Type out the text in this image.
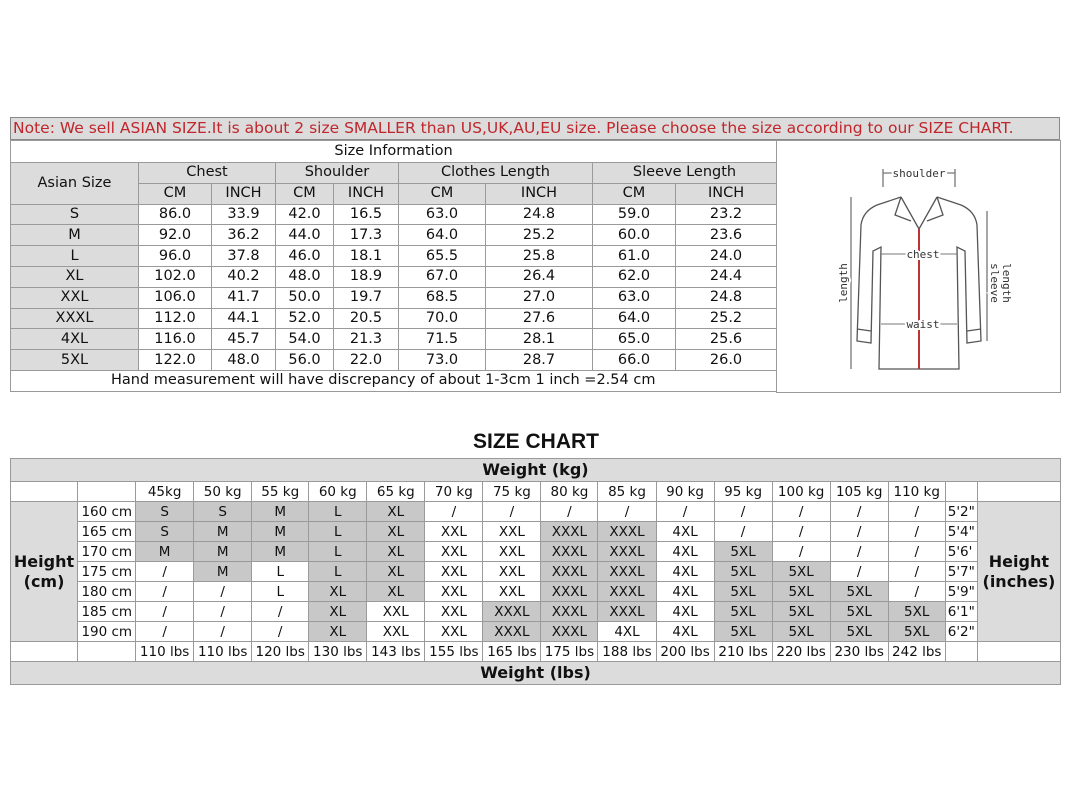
Note: We sell ASIAN SIZE.It is about 2 size SMALLER than US,UK,AU,EU size. Please choose the size according to our SIZE CHART.
Size Information								
Asian Size	Chest		Shoulder		Clothes Length		Sleeve Length	
	CM	INCH	CM	INCH	CM	INCH	CM	INCH
S	86.0	33.9	42.0	16.5	63.0	24.8	59.0	23.2
M	92.0	36.2	44.0	17.3	64.0	25.2	60.0	23.6
L	96.0	37.8	46.0	18.1	65.5	25.8	61.0	24.0
XL	102.0	40.2	48.0	18.9	67.0	26.4	62.0	24.4
XXL	106.0	41.7	50.0	19.7	68.5	27.0	63.0	24.8
XXXL	112.0	44.1	52.0	20.5	70.0	27.6	64.0	25.2
4XL	116.0	45.7	54.0	21.3	71.5	28.1	65.0	25.6
5XL	122.0	48.0	56.0	22.0	73.0	28.7	66.0	26.0
Hand measurement will have discrepancy of about 1-3cm 1 inch =2.54 cm								
shoulder
chest
waist
length	sleeve length
SIZE CHART
Weight (kg)																	
		45kg	50 kg	55 kg	60 kg	65 kg	70 kg	75 kg	80 kg	85 kg	90 kg	95 kg	100 kg	105 kg	110 kg		
Height (cm)	160 cm	S	S	M	L	XL	/	/	/	/	/	/	/	/	/	5'2"	Height (inches)
	165 cm	S	M	M	L	XL	XXL	XXL	XXXL	XXXL	4XL	/	/	/	/	5'4"	
	170 cm	M	M	M	L	XL	XXL	XXL	XXXL	XXXL	4XL	5XL	/	/	/	5'6'	
	175 cm	/	M	L	L	XL	XXL	XXL	XXXL	XXXL	4XL	5XL	5XL	/	/	5'7"	
	180 cm	/	/	L	XL	XL	XXL	XXL	XXXL	XXXL	4XL	5XL	5XL	5XL	/	5'9"	
	185 cm	/	/	/	XL	XXL	XXL	XXXL	XXXL	XXXL	4XL	5XL	5XL	5XL	5XL	6'1"	
	190 cm	/	/	/	XL	XXL	XXL	XXXL	XXXL	4XL	4XL	5XL	5XL	5XL	5XL	6'2"	
		110 lbs	110 lbs	120 lbs	130 lbs	143 lbs	155 lbs	165 lbs	175 lbs	188 lbs	200 lbs	210 lbs	220 lbs	230 lbs	242 lbs		
Weight (lbs)																	
